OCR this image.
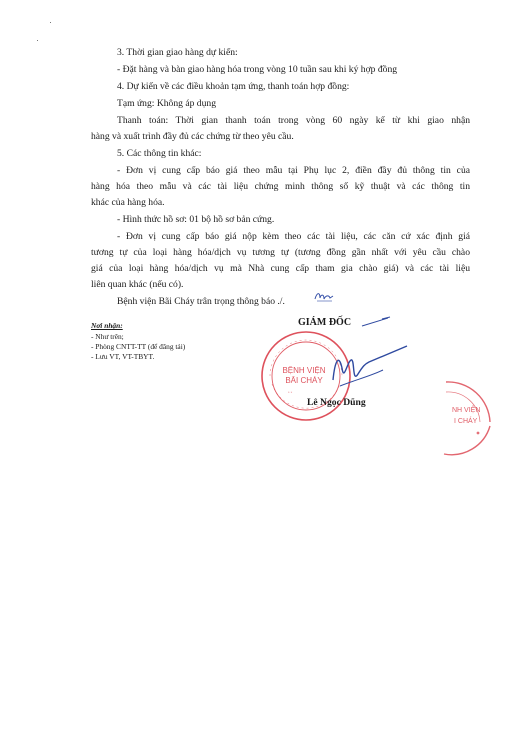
3. Thời gian giao hàng dự kiến:
- Đặt hàng và bàn giao hàng hóa trong vòng 10 tuần sau khi ký hợp đồng
4. Dự kiến về các điều khoản tạm ứng, thanh toán hợp đồng:
Tạm ứng: Không áp dụng
Thanh toán: Thời gian thanh toán trong vòng 60 ngày kể từ khi giao nhận
hàng và xuất trình đầy đủ các chứng từ theo yêu cầu.
5. Các thông tin khác:
- Đơn vị cung cấp báo giá theo mẫu tại Phụ lục 2, điền đầy đủ thông tin của
hàng hóa theo mẫu và các tài liệu chứng minh thông số kỹ thuật và các thông tin
khác của hàng hóa.
- Hình thức hồ sơ: 01 bộ hồ sơ bản cứng.
- Đơn vị cung cấp báo giá nộp kèm theo các tài liệu, các căn cứ xác định giá
tương tự của loại hàng hóa/dịch vụ tương tự (tương đồng gần nhất với yêu cầu chào
giá của loại hàng hóa/dịch vụ mà Nhà cung cấp tham gia chào giá) và các tài liệu
liên quan khác (nếu có).
Bệnh viện Bãi Cháy trân trọng thông báo ./.
Nơi nhận:
- Như trên;
- Phòng CNTT-TT (để đăng tải)
- Lưu VT, VT-TBYT.
BỆNH VIỆN
BÃI CHÁY
* *
NH VIỆN
I CHÁY
GIÁM ĐỐC
Lê Ngọc Dũng
